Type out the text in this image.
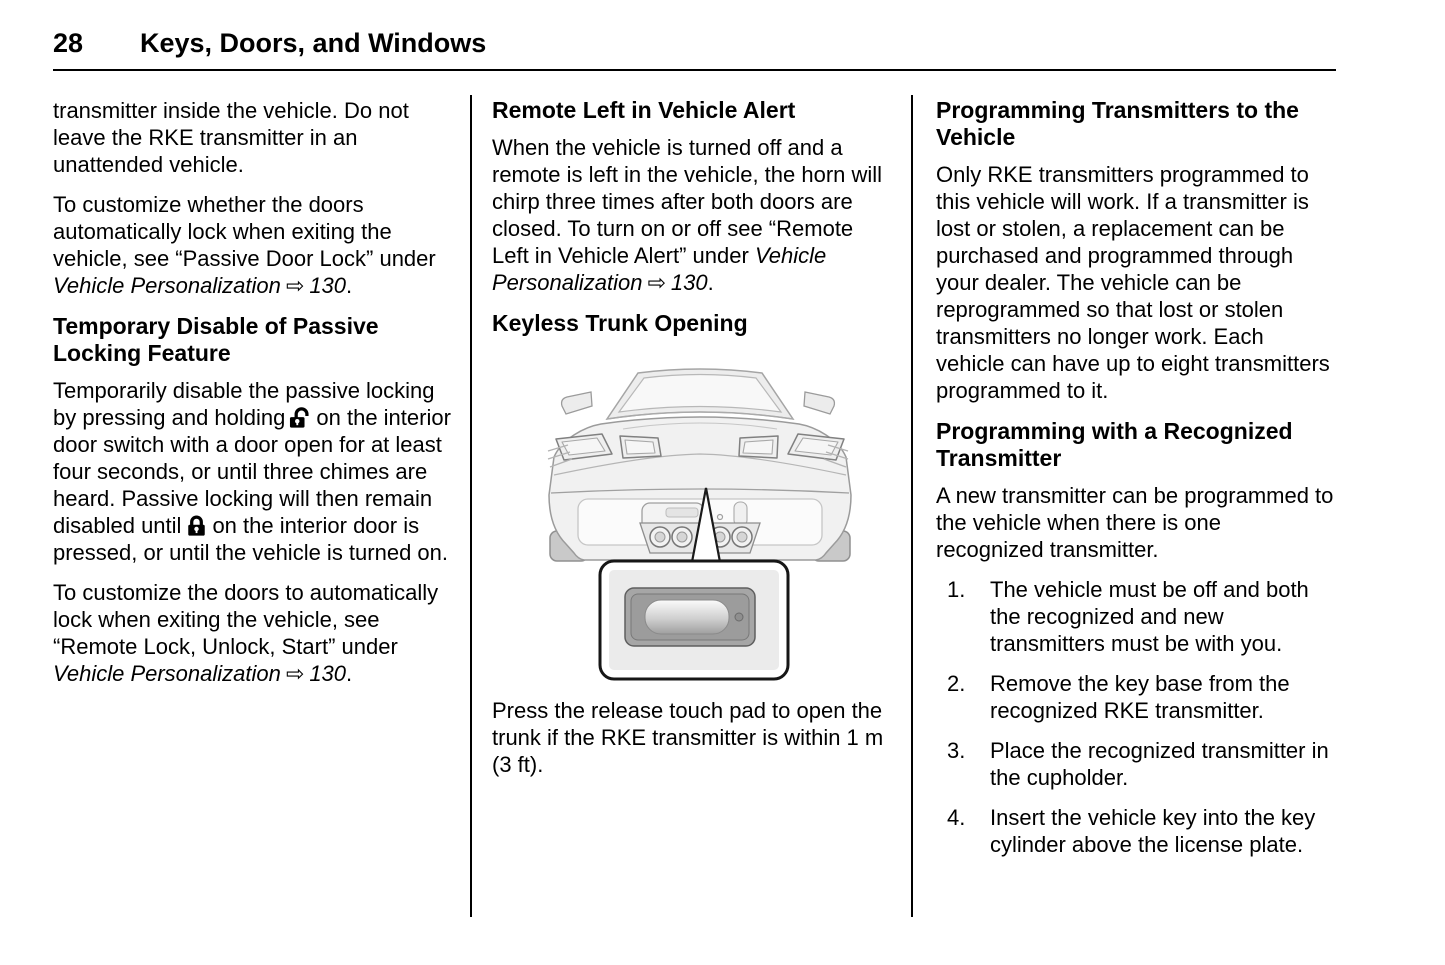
28	Keys, Doors, and Windows

transmitter inside the vehicle. Do not leave the RKE transmitter in an unattended vehicle.

To customize whether the doors automatically lock when exiting the vehicle, see “Passive Door Lock” under Vehicle Personalization ⇨ 130.

Temporary Disable of Passive Locking Feature

Temporarily disable the passive locking by pressing and holding on the interior door switch with a door open for at least four seconds, or until three chimes are heard. Passive locking will then remain disabled until on the interior door is pressed, or until the vehicle is turned on.

To customize the doors to automatically lock when exiting the vehicle, see “Remote Lock, Unlock, Start” under Vehicle Personalization ⇨ 130.

Remote Left in Vehicle Alert

When the vehicle is turned off and a remote is left in the vehicle, the horn will chirp three times after both doors are closed. To turn on or off see “Remote Left in Vehicle Alert” under Vehicle Personalization ⇨ 130.

Keyless Trunk Opening

Press the release touch pad to open the trunk if the RKE transmitter is within 1 m (3 ft).

Programming Transmitters to the Vehicle

Only RKE transmitters programmed to this vehicle will work. If a transmitter is lost or stolen, a replacement can be purchased and programmed through your dealer. The vehicle can be reprogrammed so that lost or stolen transmitters no longer work. Each vehicle can have up to eight transmitters programmed to it.

Programming with a Recognized Transmitter

A new transmitter can be programmed to the vehicle when there is one recognized transmitter.

1.	The vehicle must be off and both the recognized and new transmitters must be with you.
2.	Remove the key base from the recognized RKE transmitter.
3.	Place the recognized transmitter in the cupholder.
4.	Insert the vehicle key into the key cylinder above the license plate.
